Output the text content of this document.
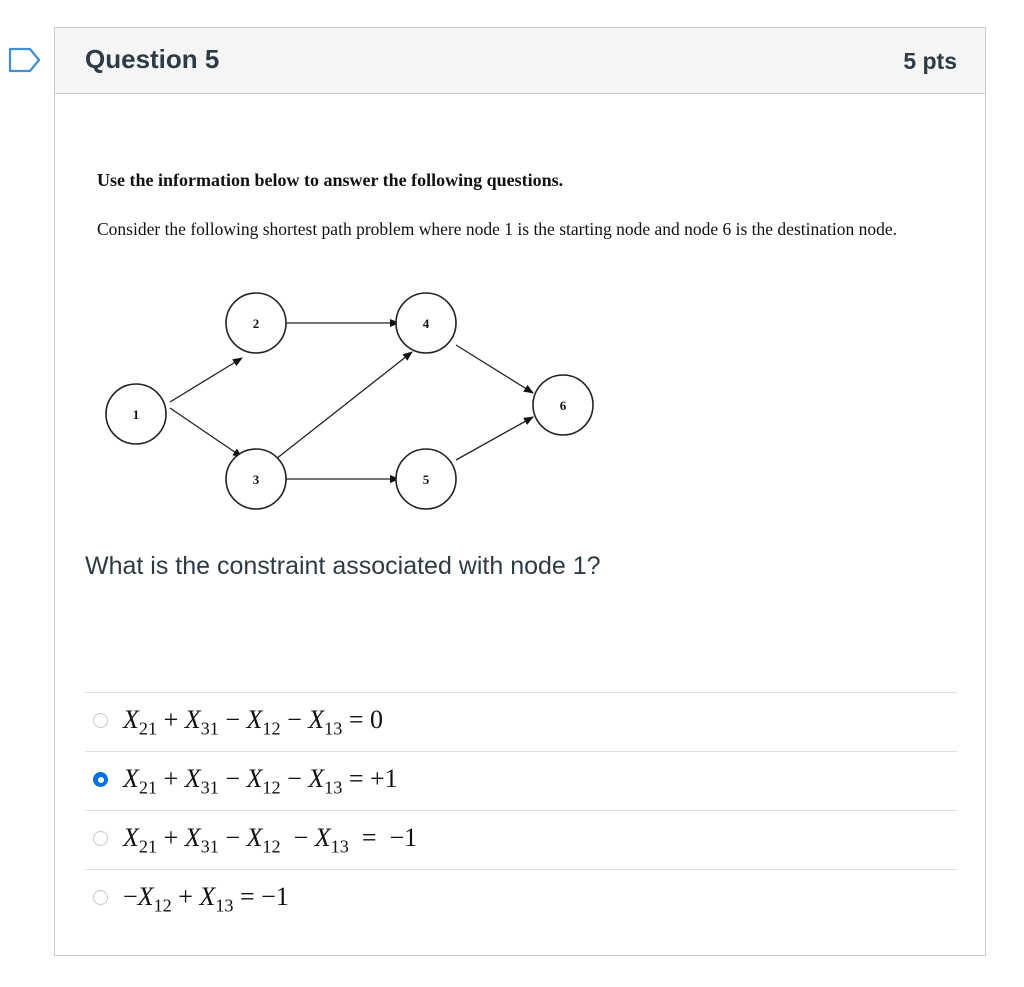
Question 5	5 pts
Use the information below to answer the following questions.
Consider the following shortest path problem where node 1 is the starting node and node 6 is the destination node.
1
2
3
4
5
6
What is the constraint associated with node 1?
$X_{21} + X_{31} - X_{12} - X_{13} = 0$
$X_{21} + X_{31} - X_{12} - X_{13} = +1$
$X_{21} + X_{31} - X_{12} - X_{13} = -1$
$-X_{12} + X_{13} = -1$
